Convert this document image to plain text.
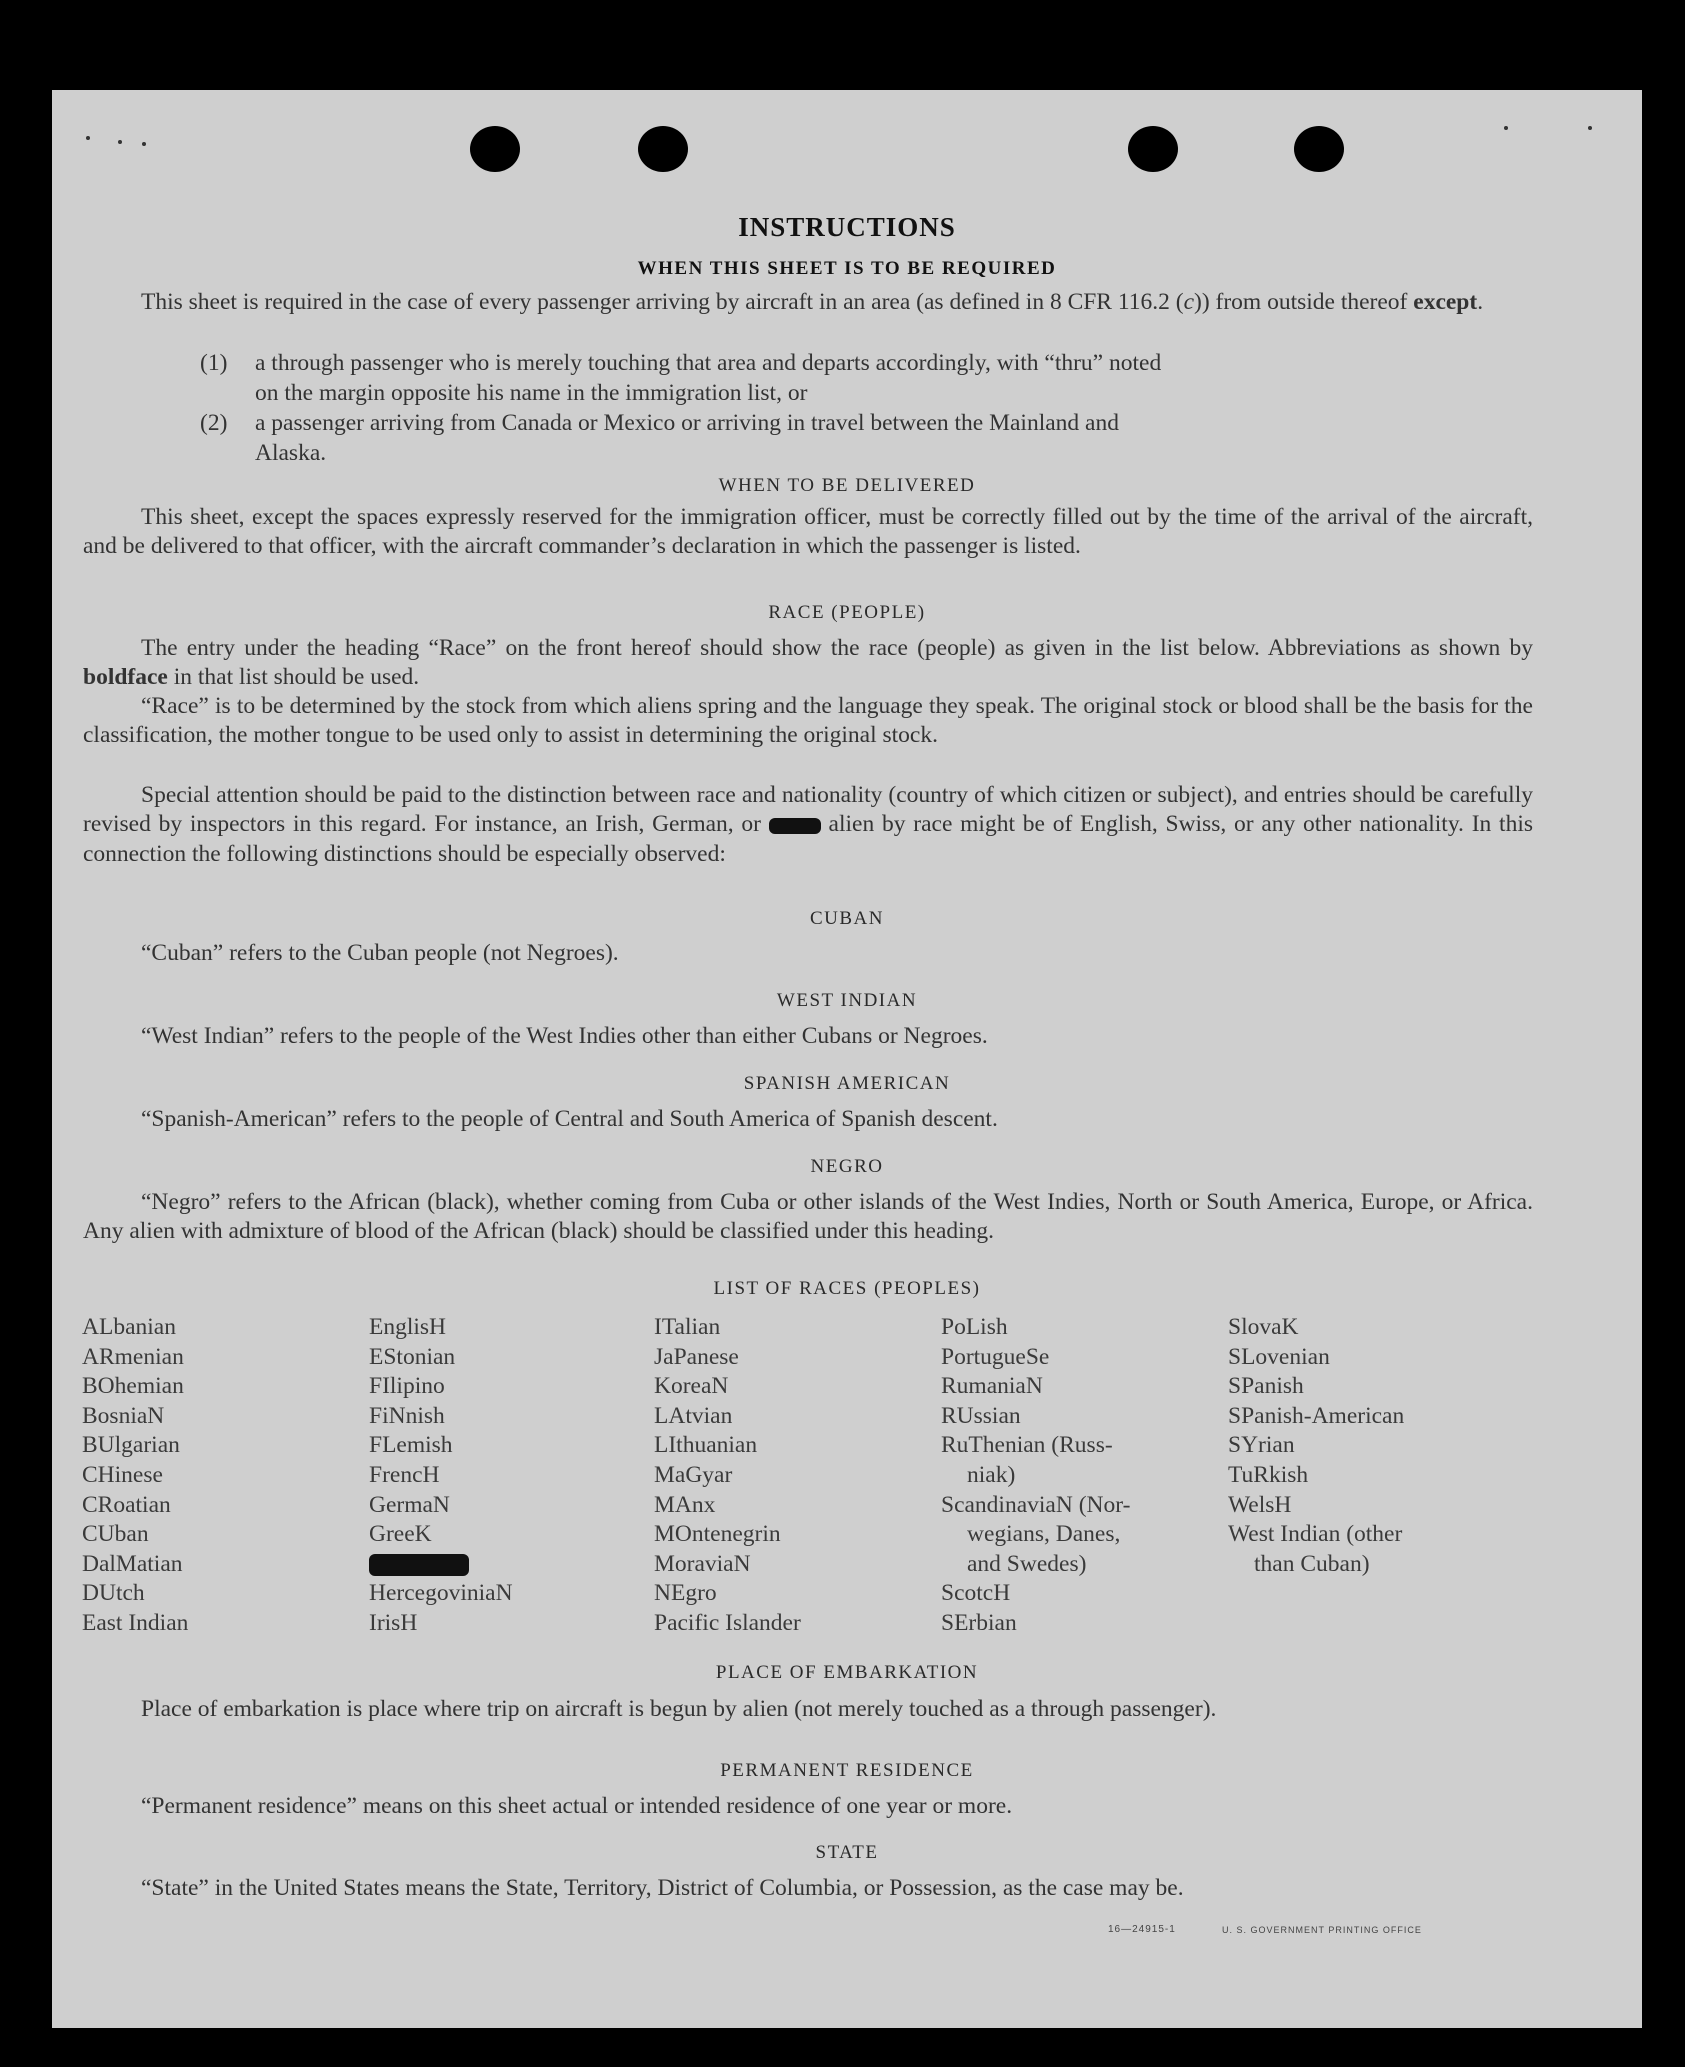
INSTRUCTIONS
WHEN THIS SHEET IS TO BE REQUIRED

This sheet is required in the case of every passenger arriving by aircraft in an area (as defined in 8 CFR 116.2 (c)) from outside thereof except.

(1) a through passenger who is merely touching that area and departs accordingly, with “thru” noted
on the margin opposite his name in the immigration list, or
(2) a passenger arriving from Canada or Mexico or arriving in travel between the Mainland and
Alaska.
WHEN TO BE DELIVERED

This sheet, except the spaces expressly reserved for the immigration officer, must be correctly filled out by the time of the arrival of the aircraft, and be delivered to that officer, with the aircraft commander’s declaration in which the passenger is listed.

RACE (PEOPLE)

The entry under the heading “Race” on the front hereof should show the race (people) as given in the list below. Abbreviations as shown by boldface in that list should be used.

“Race” is to be determined by the stock from which aliens spring and the language they speak. The original stock or blood shall be the basis for the classification, the mother tongue to be used only to assist in determining the original stock.

Special attention should be paid to the distinction between race and nationality (country of which citizen or subject), and entries should be carefully revised by inspectors in this regard. For instance, an Irish, German, or	alien by race might be of English, Swiss, or any other nationality. In this connection the following distinctions should be especially observed:

CUBAN

“Cuban” refers to the Cuban people (not Negroes).

WEST INDIAN

“West Indian” refers to the people of the West Indies other than either Cubans or Negroes.

SPANISH AMERICAN

“Spanish-American” refers to the people of Central and South America of Spanish descent.

NEGRO

“Negro” refers to the African (black), whether coming from Cuba or other islands of the West Indies, North or South America, Europe, or Africa. Any alien with admixture of blood of the African (black) should be classified under this heading.

LIST OF RACES (PEOPLES)
ALbanian
ARmenian
BOhemian
BosniaN
BUlgarian
CHinese
CRoatian
CUban
DalMatian
DUtch
East Indian
EnglisH
EStonian
FIlipino
FiNnish
FLemish
FrencH
GermaN
GreeK
HercegoviniaN
IrisH
ITalian
JaPanese
KoreaN
LAtvian
LIthuanian
MaGyar
MAnx
MOntenegrin
MoraviaN
NEgro
Pacific Islander
PoLish
PortugueSe
RumaniaN
RUssian
RuThenian (Russ-
niak)
ScandinaviaN (Nor-
wegians, Danes,
and Swedes)
ScotcH
SErbian
SlovaK
SLovenian
SPanish
SPanish-American
SYrian
TuRkish
WelsH
West Indian (other
than Cuban)
PLACE OF EMBARKATION

Place of embarkation is place where trip on aircraft is begun by alien (not merely touched as a through passenger).

PERMANENT RESIDENCE

“Permanent residence” means on this sheet actual or intended residence of one year or more.

STATE

“State” in the United States means the State, Territory, District of Columbia, or Possession, as the case may be.

16—24915-1	U. S. GOVERNMENT PRINTING OFFICE
